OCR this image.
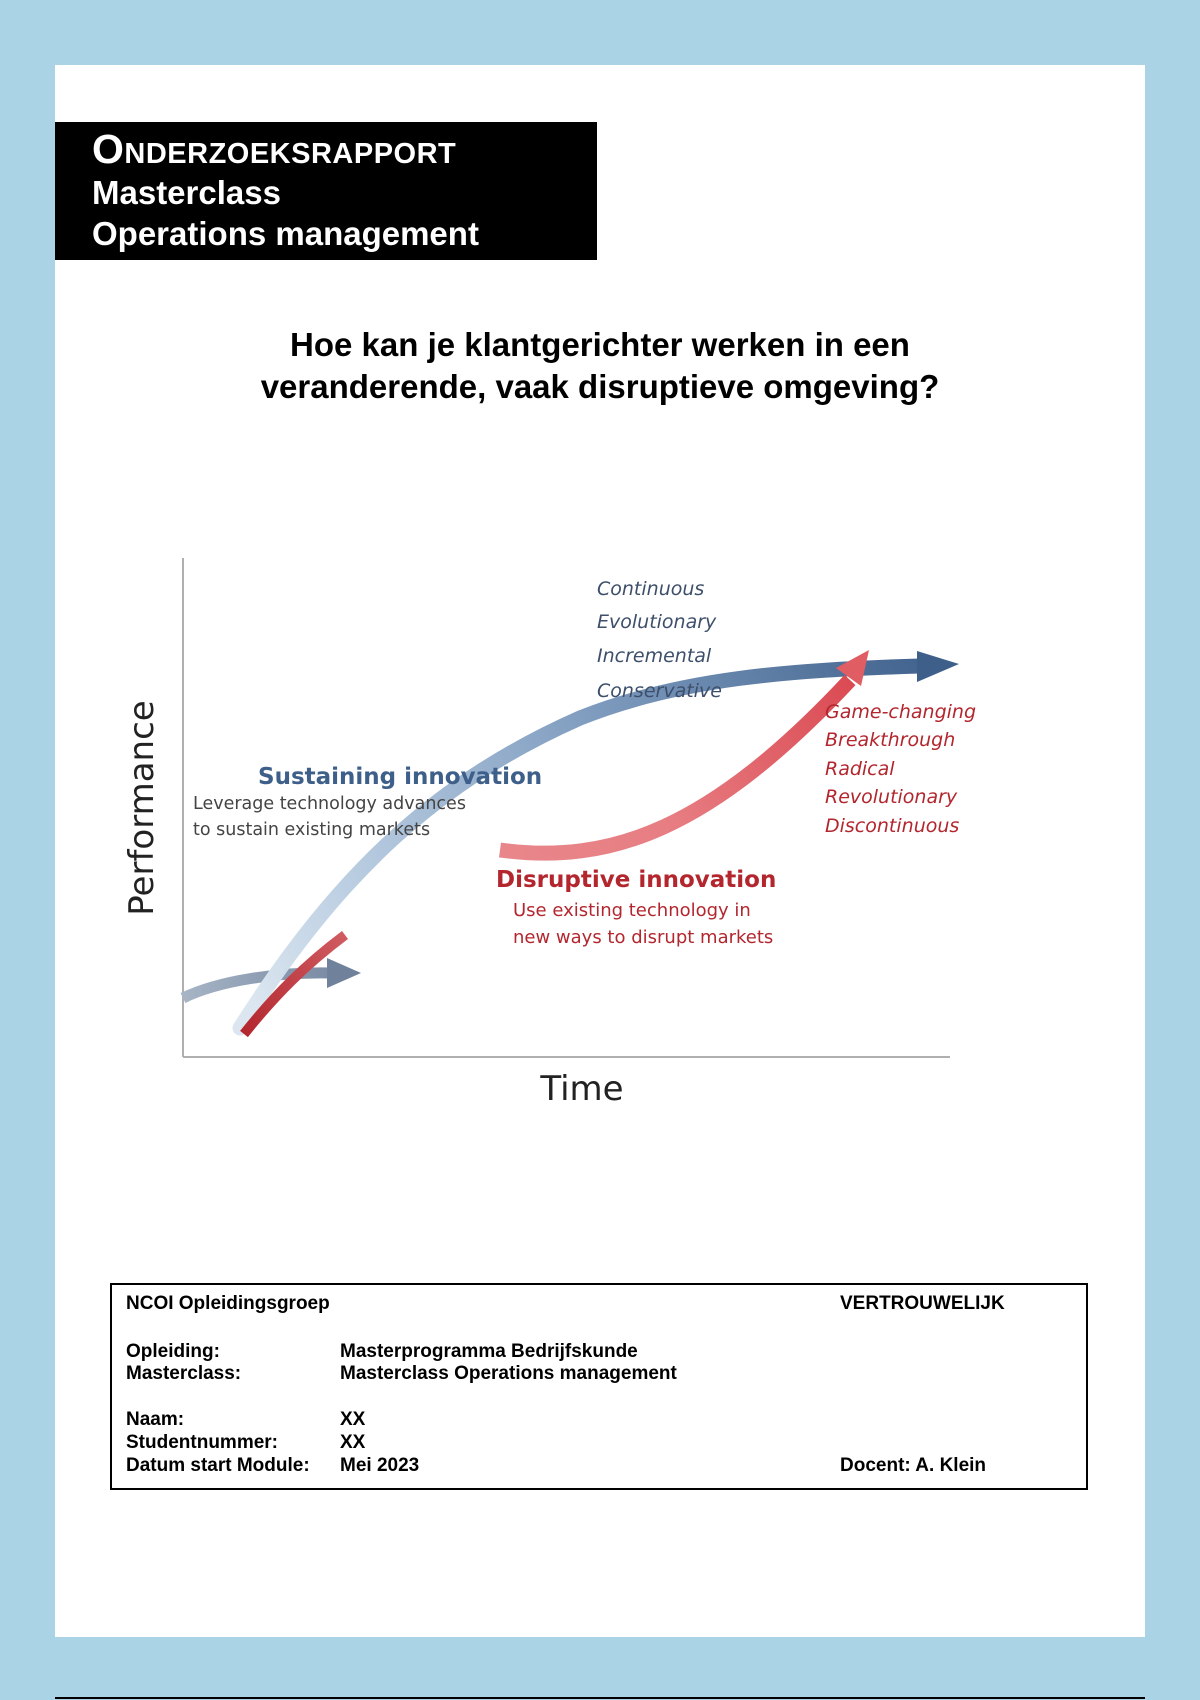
Onderzoeksrapport
Masterclass
Operations management
Hoe kan je klantgerichter werken in een
veranderende, vaak disruptieve omgeving?
Performance
Time
Sustaining innovation
Leverage technology advances
to sustain existing markets
Continuous
Evolutionary
Incremental
Conservative
Disruptive innovation
Use existing technology in
new ways to disrupt markets
Game-changing
Breakthrough
Radical
Revolutionary
Discontinuous
NCOI Opleidingsgroep	VERTROUWELIJK
Opleiding:	Masterprogramma Bedrijfskunde
Masterclass:	Masterclass Operations management
Naam:	XX
Studentnummer:	XX
Datum start Module: Mei 2023	Docent: A. Klein
